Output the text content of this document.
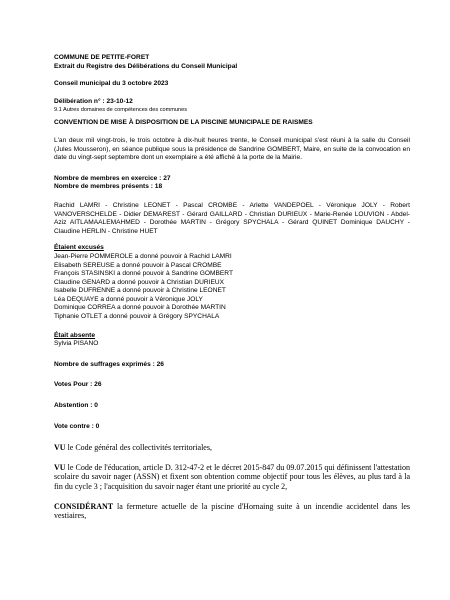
COMMUNE DE PETITE-FORET
Extrait du Registre des Délibérations du Conseil Municipal
Conseil municipal du 3 octobre 2023
Délibération n° : 23-10-12
9.1 Autres domaines de compétences des communes
CONVENTION DE MISE À DISPOSITION DE LA PISCINE MUNICIPALE DE RAISMES
L'an deux mil vingt-trois, le trois octobre à dix-huit heures trente, le Conseil municipal s'est réuni à la salle du Conseil (Jules Mousseron), en séance publique sous la présidence de Sandrine GOMBERT, Maire, en suite de la convocation en date du vingt-sept septembre dont un exemplaire a été affiché à la porte de la Mairie.
Nombre de membres en exercice : 27
Nombre de membres présents : 18
Rachid LAMRI - Christine LEONET - Pascal CROMBE - Arlette VANDEPOEL - Véronique JOLY - Robert VANOVERSCHELDE - Didier DEMAREST - Gérard GAILLARD - Christian DURIEUX - Marie-Renée LOUVION - Abdel-Aziz AITLAMAALEMAHMED - Dorothée MARTIN - Grégory SPYCHALA - Gérard QUINET Dominique DAUCHY - Claudine HERLIN - Christine HUET
Étaient excusés
Jean-Pierre POMMEROLE a donné pouvoir à Rachid LAMRI
Elisabeth SEREUSE a donné pouvoir à Pascal CROMBE
François STASINSKI a donné pouvoir à Sandrine GOMBERT
Claudine GENARD a donné pouvoir à Christian DURIEUX
Isabelle DUFRENNE a donné pouvoir à Christine LEONET
Léa DEQUAYE a donné pouvoir à Véronique JOLY
Dominique CORREA a donné pouvoir à Dorothée MARTIN
Tiphanie OTLET a donné pouvoir à Grégory SPYCHALA
Était absente
Sylvia PISANO
Nombre de suffrages exprimés : 26
Votes Pour : 26
Abstention : 0
Vote contre : 0
VU le Code général des collectivités territoriales,
VU le Code de l'éducation, article D. 312-47-2 et le décret 2015-847 du 09.07.2015 qui définissent l'attestation scolaire du savoir nager (ASSN) et fixent son obtention comme objectif pour tous les élèves, au plus tard à la fin du cycle 3 ; l'acquisition du savoir nager étant une priorité au cycle 2,
CONSIDÉRANT la fermeture actuelle de la piscine d'Hornaing suite à un incendie accidentel dans les vestiaires,
